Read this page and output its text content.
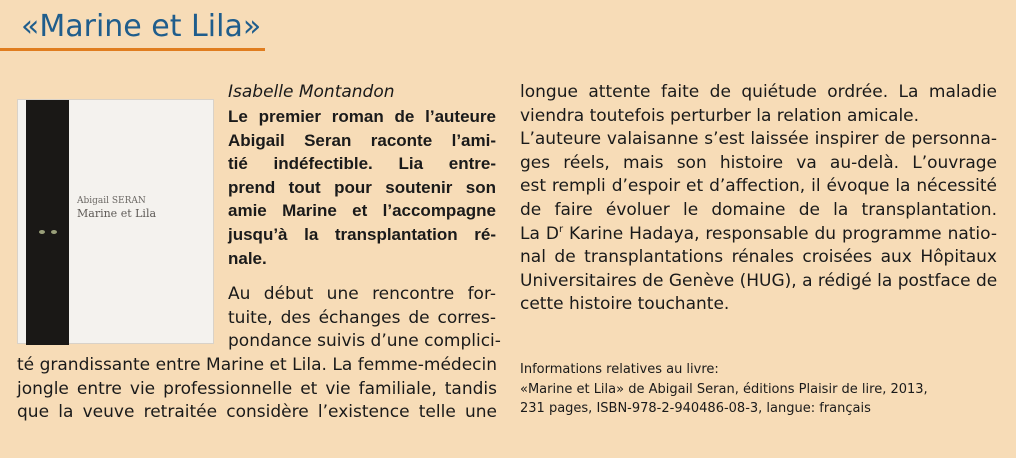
«Marine et Lila»
Abigail SERAN
Marine et Lila
Isabelle Montandon
Le premier roman de l’auteure
Abigail Seran raconte l’ami-
tié indéfectible. Lia entre-
prend tout pour soutenir son
amie Marine et l’accompagne
jusqu’à la transplantation ré-
nale.
Au début une rencontre for-
tuite, des échanges de corres-
pondance suivis d’une complici-
té grandissante entre Marine et Lila. La femme-médecin
jongle entre vie professionnelle et vie familiale, tandis
que la veuve retraitée considère l’existence telle une
longue attente faite de quiétude ordrée. La maladie
viendra toutefois perturber la relation amicale.
L’auteure valaisanne s’est laissée inspirer de personna-
ges réels, mais son histoire va au-delà. L’ouvrage
est rempli d’espoir et d’affection, il évoque la nécessité
de faire évoluer le domaine de la transplantation.
La $D^r$ Karine Hadaya, responsable du programme natio-
nal de transplantations rénales croisées aux Hôpitaux
Universitaires de Genève (HUG), a rédigé la postface de
cette histoire touchante.
Informations relatives au livre:
«Marine et Lila» de Abigail Seran, éditions Plaisir de lire, 2013,
231 pages, ISBN-978-2-940486-08-3, langue: français
